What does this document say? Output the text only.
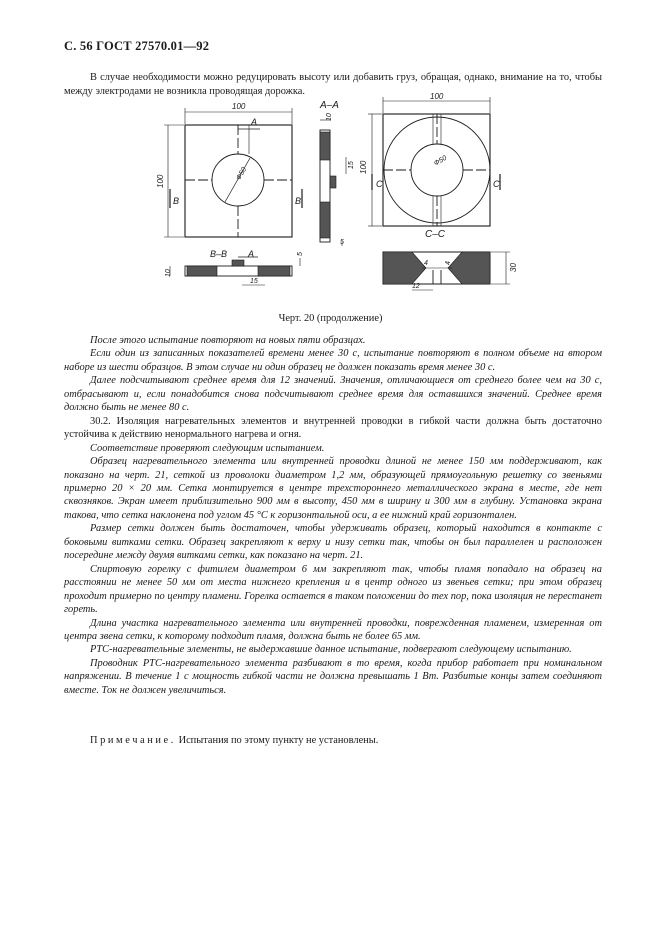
С. 56 ГОСТ 27570.01—92

В случае необходимости можно редуцировать высоту или добавить груз, обращая, однако, внимание на то, чтобы между электродами не возникла проводящая дорожка.

100
100	Ф50
А
В	В
А–А
10
15
5
В–В А
10
15
5
100
100	Ф50
С	С
С–С
4 4
12
30
Черт. 20 (продолжение)

После этого испытание повторяют на новых пяти образцах.

Если один из записанных показателей времени менее 30 с, испытание повторяют в полном объеме на втором наборе из шести образцов. В этом случае ни один образец не должен показать время менее 30 с.

Далее подсчитывают среднее время для 12 значений. Значения, отличающиеся от среднего более чем на 30 с, отбрасывают и, если понадобится снова подсчитывают среднее время для оставшихся значений. Среднее время должно быть не менее 80 с.

30.2. Изоляция нагревательных элементов и внутренней проводки в гибкой части должна быть достаточно устойчива к действию ненормального нагрева и огня.

Соответствие проверяют следующим испытанием.

Образец нагревательного элемента или внутренней проводки длиной не менее 150 мм поддерживают, как показано на черт. 21, сеткой из проволоки диаметром 1,2 мм, образующей прямоугольную решетку со звеньями примерно 20 × 20 мм. Сетка монтируется в центре трехстороннего металлического экрана в месте, где нет сквозняков. Экран имеет приблизительно 900 мм в высоту, 450 мм в ширину и 300 мм в глубину. Установка экрана такова, что сетка наклонена под углом 45 °С к горизонтальной оси, а ее нижний край горизонтален.

Размер сетки должен быть достаточен, чтобы удерживать образец, который находится в контакте с боковыми витками сетки. Образец закрепляют к верху и низу сетки так, чтобы он был параллелен и расположен посередине между двумя витками сетки, как показано на черт. 21.

Спиртовую горелку с фитилем диаметром 6 мм закрепляют так, чтобы пламя попадало на образец на расстоянии не менее 50 мм от места нижнего крепления и в центр одного из звеньев сетки; при этом образец проходит примерно по центру пламени. Горелка остается в таком положении до тех пор, пока изоляция не перестанет гореть.

Длина участка нагревательного элемента или внутренней проводки, поврежденная пламенем, измеренная от центра звена сетки, к которому подходит пламя, должна быть не более 65 мм.

РТС-нагревательные элементы, не выдержавшие данное испытание, подвергают следующему испытанию.

Проводник РТС-нагревательного элемента разбивают в то время, когда прибор работает при номинальном напряжении. В течение 1 с мощность гибкой части не должна превышать 1 Вт. Разбитые концы затем соединяют вместе. Ток не должен увеличиться.

Примечание. Испытания по этому пункту не установлены.
